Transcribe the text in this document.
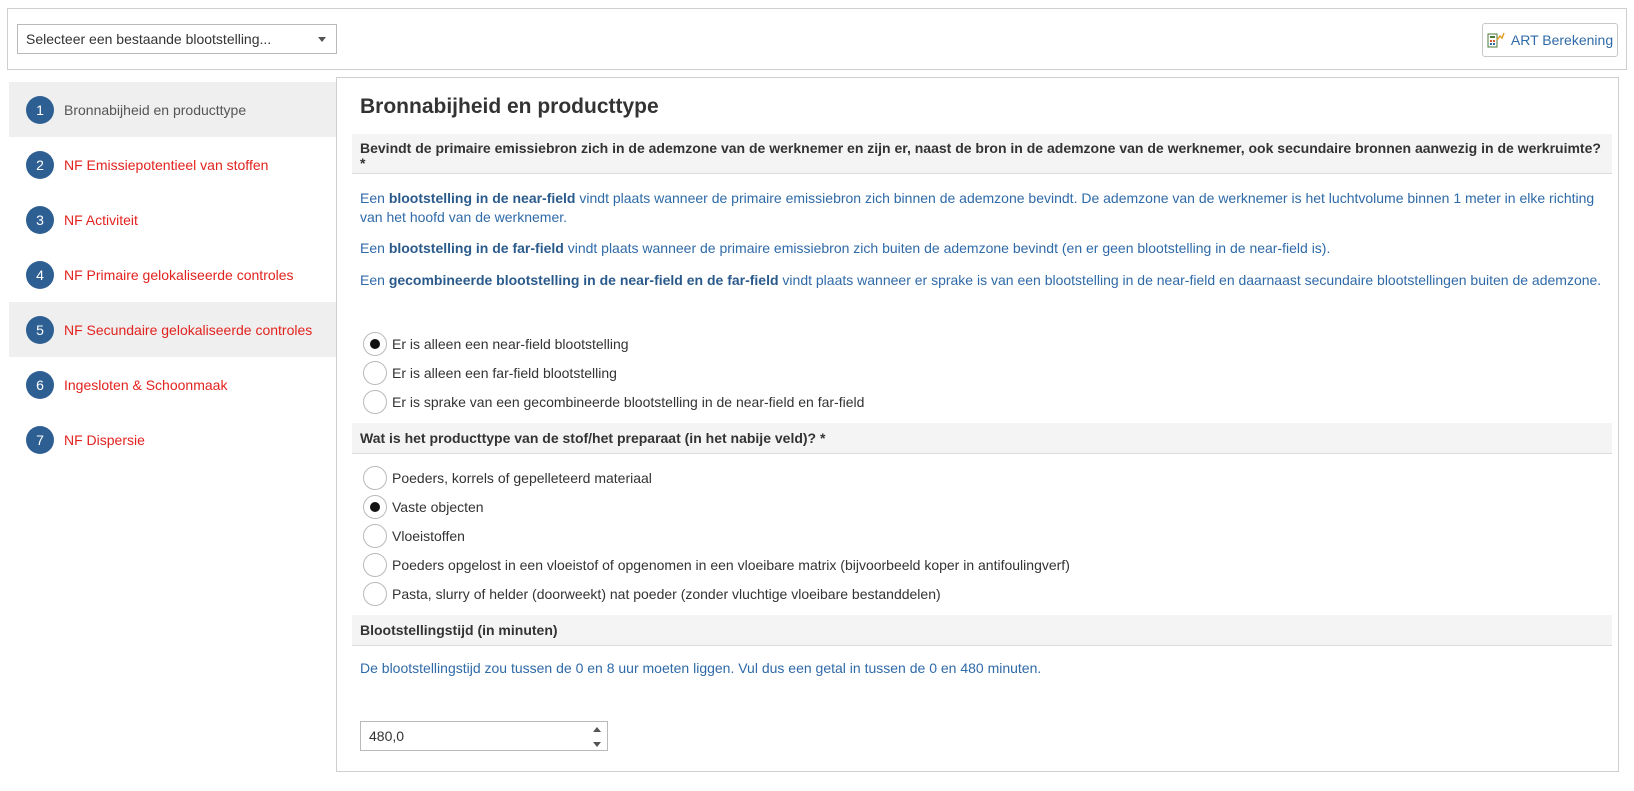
Selecteer een bestaande blootstelling...	ART Berekening
1	Bronnabijheid en producttype
2	NF Emissiepotentieel van stoffen
3	NF Activiteit
4	NF Primaire gelokaliseerde controles
5	NF Secundaire gelokaliseerde controles
6	Ingesloten & Schoonmaak
7	NF Dispersie
Bronnabijheid en producttype
Bevindt de primaire emissiebron zich in de ademzone van de werknemer en zijn er, naast de bron in de ademzone van de werknemer, ook secundaire bronnen aanwezig in de werkruimte?
*

Een blootstelling in de near-field vindt plaats wanneer de primaire emissiebron zich binnen de ademzone bevindt. De ademzone van de werknemer is het luchtvolume binnen 1 meter in elke richting van het hoofd van de werknemer.

Een blootstelling in de far-field vindt plaats wanneer de primaire emissiebron zich buiten de ademzone bevindt (en er geen blootstelling in de near-field is).

Een gecombineerde blootstelling in de near-field en de far-field vindt plaats wanneer er sprake is van een blootstelling in de near-field en daarnaast secundaire blootstellingen buiten de ademzone.

Er is alleen een near-field blootstelling
Er is alleen een far-field blootstelling
Er is sprake van een gecombineerde blootstelling in de near-field en far-field
Wat is het producttype van de stof/het preparaat (in het nabije veld)? *
Poeders, korrels of gepelleteerd materiaal
Vaste objecten
Vloeistoffen
Poeders opgelost in een vloeistof of opgenomen in een vloeibare matrix (bijvoorbeeld koper in antifoulingverf)
Pasta, slurry of helder (doorweekt) nat poeder (zonder vluchtige vloeibare bestanddelen)
Blootstellingstijd (in minuten)

De blootstellingstijd zou tussen de 0 en 8 uur moeten liggen. Vul dus een getal in tussen de 0 en 480 minuten.

480,0
